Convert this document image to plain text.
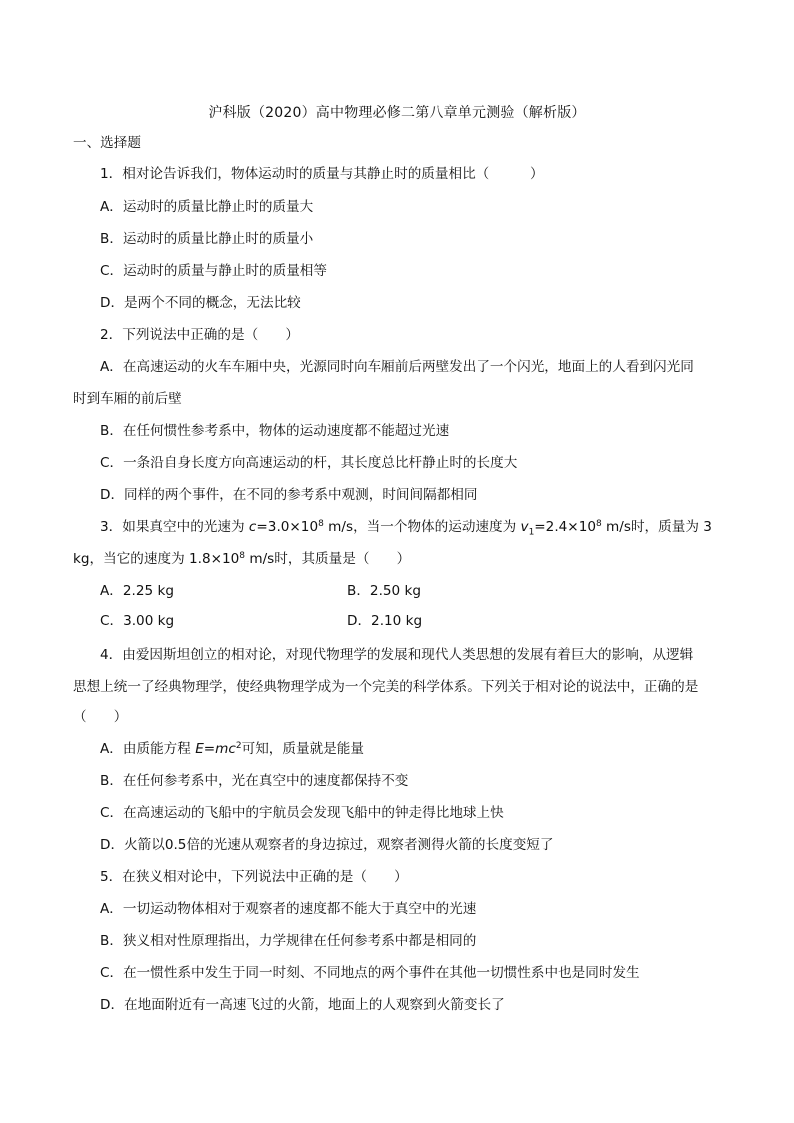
沪科版（2020）高中物理必修二第八章单元测验（解析版）
一、选择题
1．相对论告诉我们，物体运动时的质量与其静止时的质量相比（　　　）
A．运动时的质量比静止时的质量大
B．运动时的质量比静止时的质量小
C．运动时的质量与静止时的质量相等
D．是两个不同的概念，无法比较
2．下列说法中正确的是（　　）
A．在高速运动的火车车厢中央，光源同时向车厢前后两壁发出了一个闪光，地面上的人看到闪光同
时到车厢的前后壁
B．在任何惯性参考系中，物体的运动速度都不能超过光速
C．一条沿自身长度方向高速运动的杆，其长度总比杆静止时的长度大
D．同样的两个事件，在不同的参考系中观测，时间间隔都相同
3．如果真空中的光速为 $c=3.0\times 10^8$ m/s，当一个物体的运动速度为 $v_1=2.4\times 10^8$ m/s时，质量为 3
kg，当它的速度为 $1.8\times 10^8$ m/s时，其质量是（　　）
A．2.25 kg	B．2.50 kg
C．3.00 kg	D．2.10 kg
4．由爱因斯坦创立的相对论，对现代物理学的发展和现代人类思想的发展有着巨大的影响，从逻辑
思想上统一了经典物理学，使经典物理学成为一个完美的科学体系。下列关于相对论的说法中，正确的是
（　　）
A．由质能方程 $E=mc^2$可知，质量就是能量
B．在任何参考系中，光在真空中的速度都保持不变
C．在高速运动的飞船中的宇航员会发现飞船中的钟走得比地球上快
D．火箭以0.5倍的光速从观察者的身边掠过，观察者测得火箭的长度变短了
5．在狭义相对论中，下列说法中正确的是（　　）
A．一切运动物体相对于观察者的速度都不能大于真空中的光速
B．狭义相对性原理指出，力学规律在任何参考系中都是相同的
C．在一惯性系中发生于同一时刻、不同地点的两个事件在其他一切惯性系中也是同时发生
D．在地面附近有一高速飞过的火箭，地面上的人观察到火箭变长了
